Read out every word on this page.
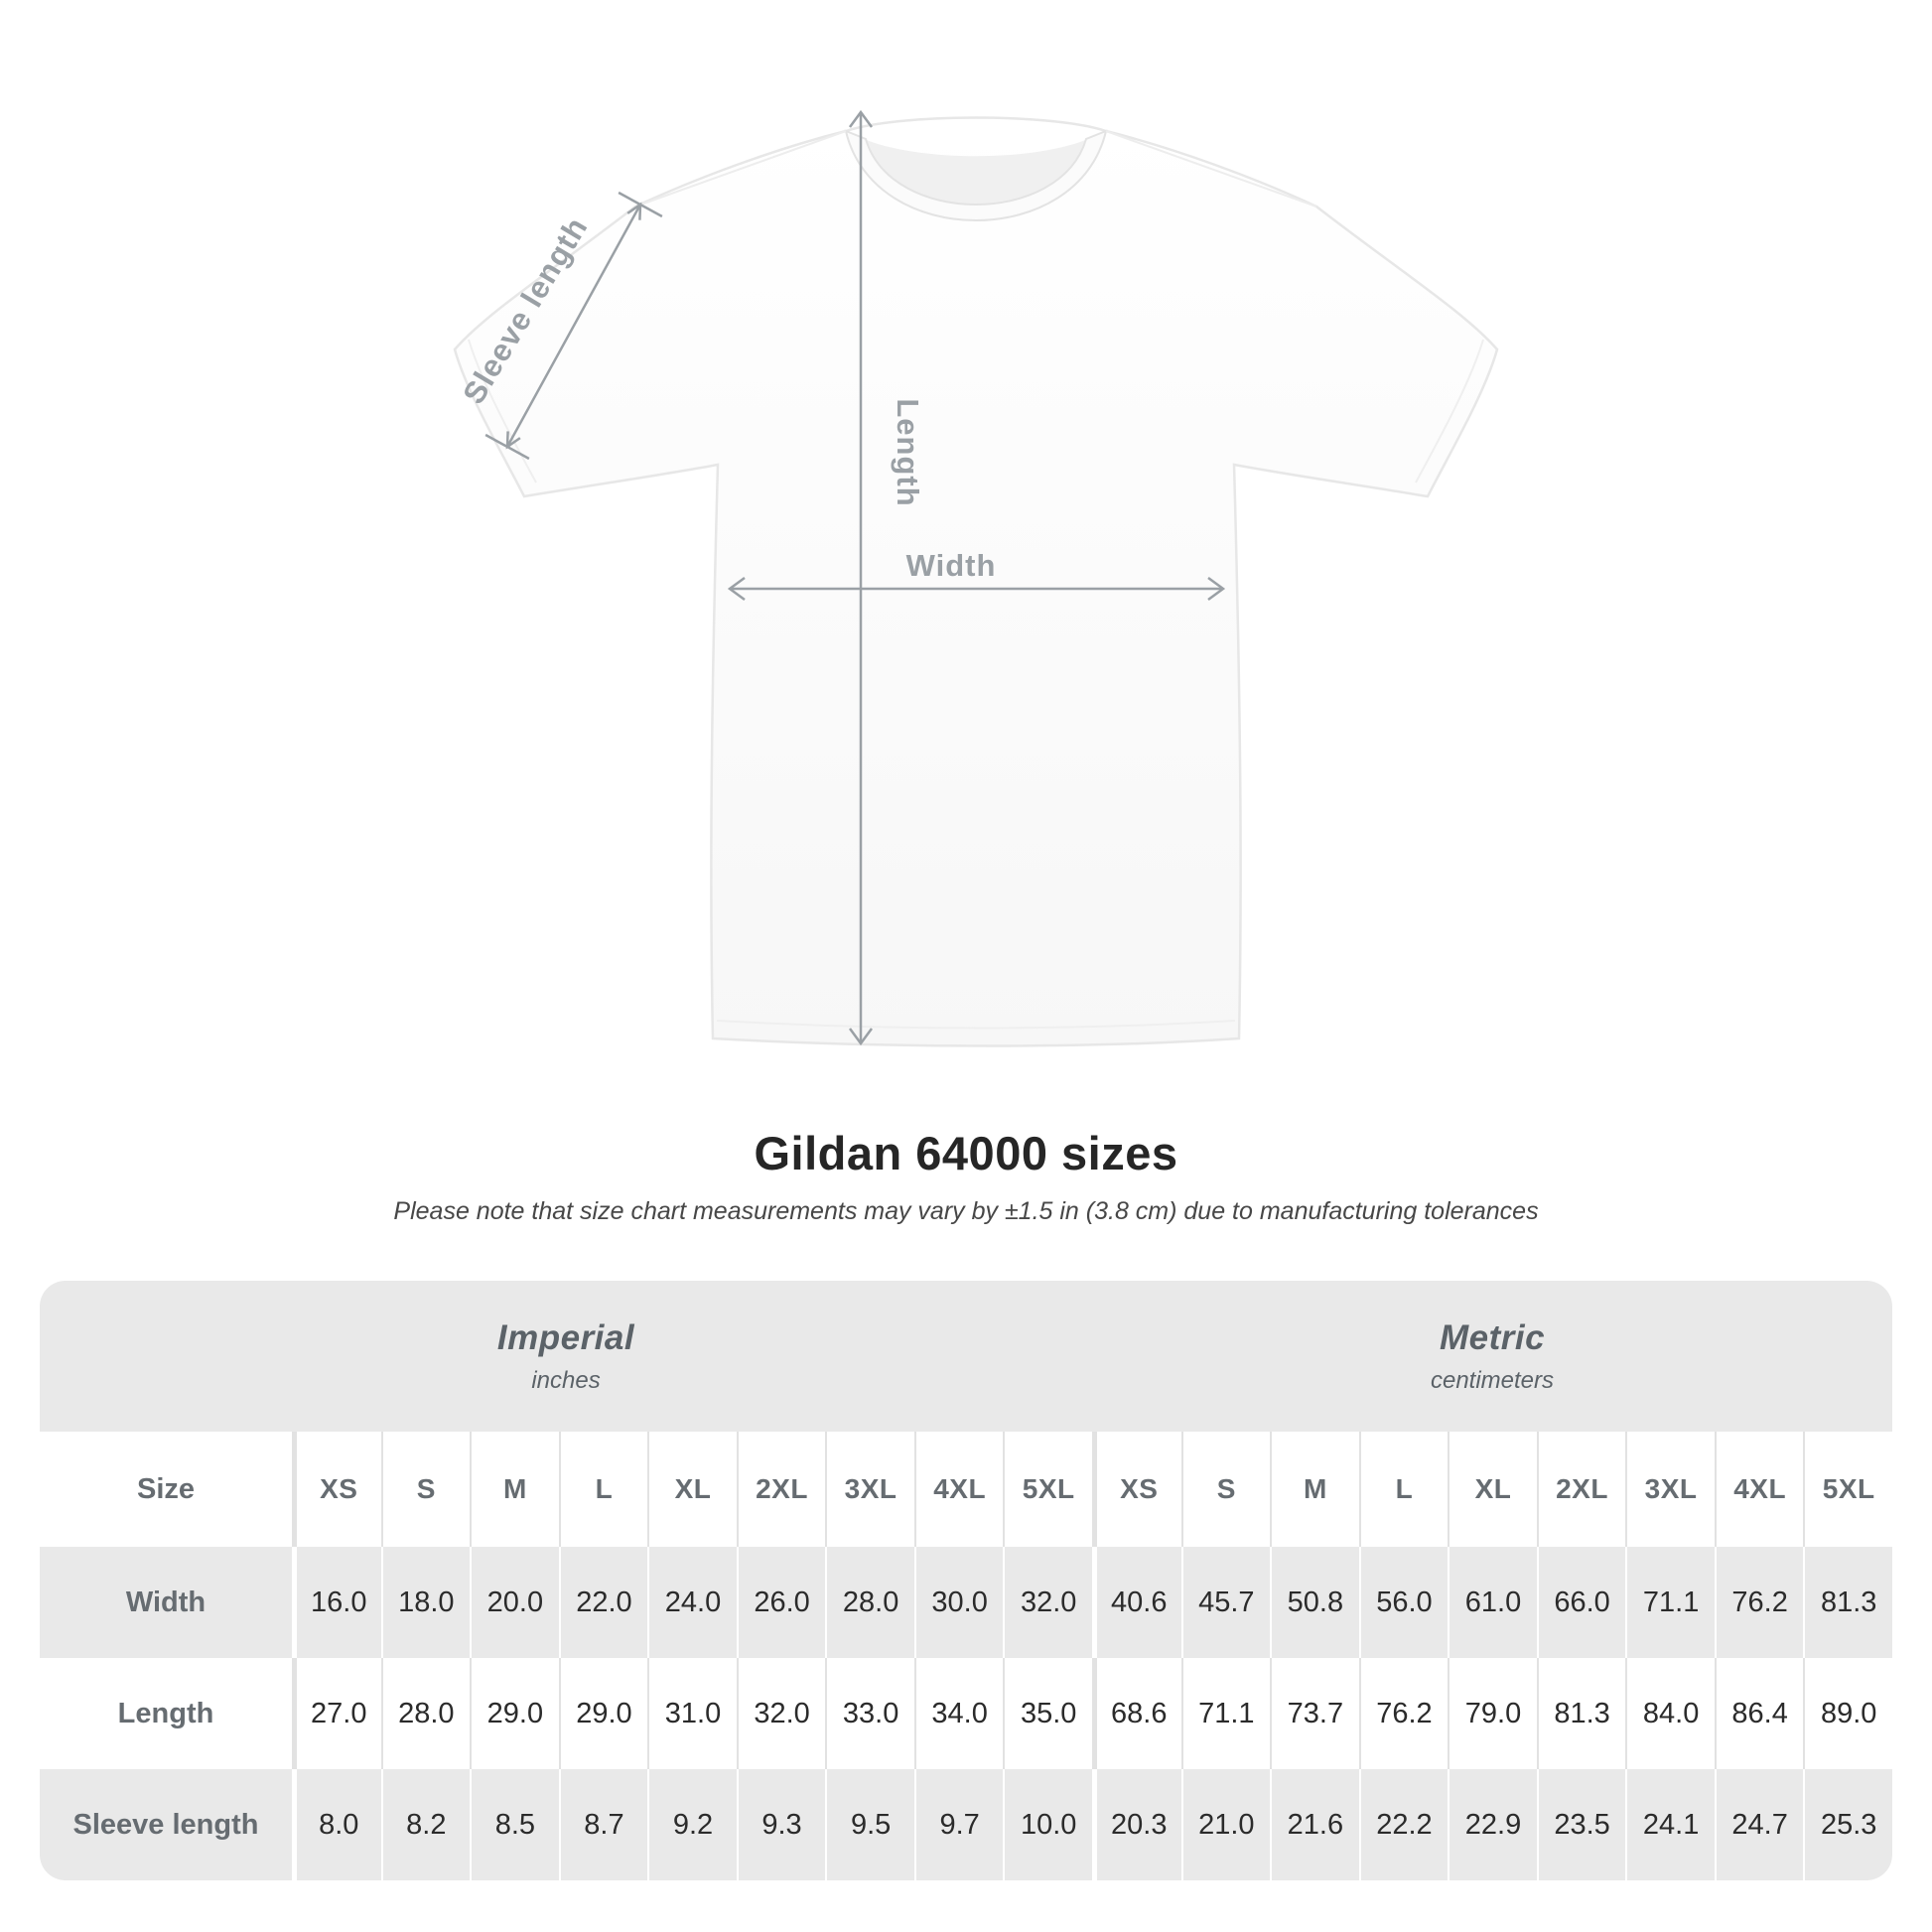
Length
Width
Sleeve length
Gildan 64000 sizes
Please note that size chart measurements may vary by ±1.5 in (3.8 cm) due to manufacturing tolerances
Imperial
inches
Metric
centimeters
Size	XS	S	M	L	XL	2XL	3XL	4XL	5XL	XS	S	M	L	XL	2XL	3XL	4XL	5XL
Width	16.0	18.0	20.0	22.0	24.0	26.0	28.0	30.0	32.0	40.6	45.7	50.8	56.0	61.0	66.0	71.1	76.2	81.3
Length	27.0	28.0	29.0	29.0	31.0	32.0	33.0	34.0	35.0	68.6	71.1	73.7	76.2	79.0	81.3	84.0	86.4	89.0
Sleeve length	8.0	8.2	8.5	8.7	9.2	9.3	9.5	9.7	10.0	20.3	21.0	21.6	22.2	22.9	23.5	24.1	24.7	25.3
